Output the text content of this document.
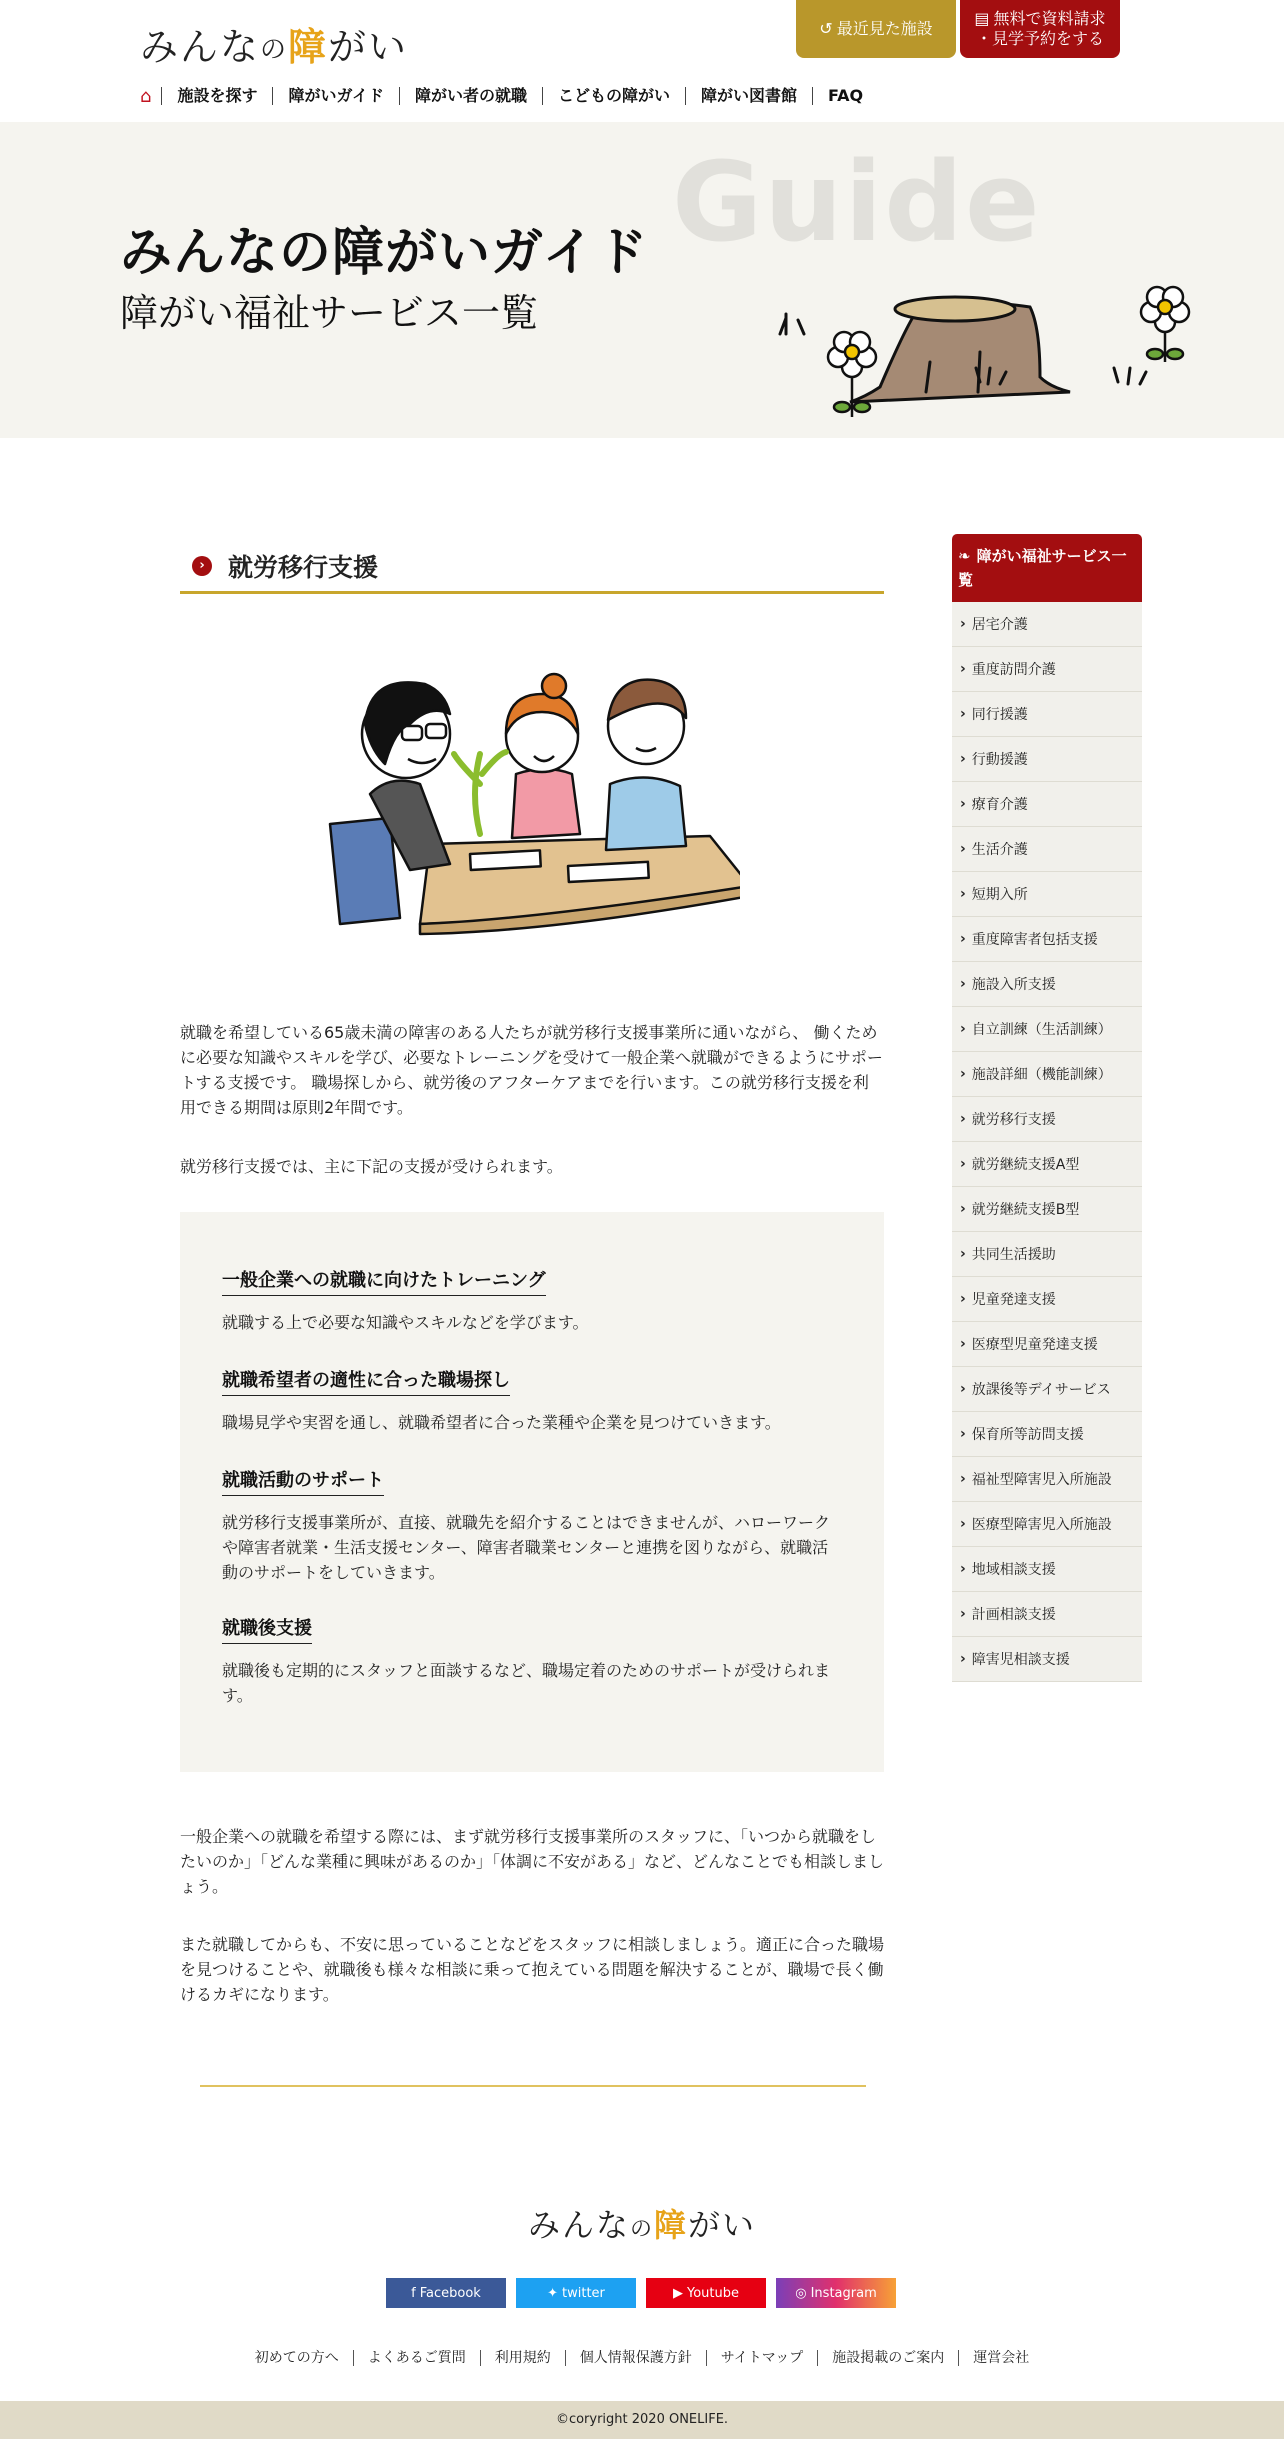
みんなの障がい	↺ 最近見た施設
▤ 無料で資料請求
・見学予約をする
⌂	施設を探す	障がいガイド	障がい者の就職	こどもの障がい	障がい図書館	FAQ
Guide
みんなの障がいガイド
障がい福祉サービス一覧
› 就労移行支援
就職を希望している65歳未満の障害のある人たちが就労移行支援事業所に通いながら、 働くために必要な知識やスキルを学び、必要なトレーニングを受けて一般企業へ就職ができるようにサポートする支援です。 職場探しから、就労後のアフターケアまでを行います。この就労移行支援を利用できる期間は原則2年間です。
就労移行支援では、主に下記の支援が受けられます。
一般企業への就職に向けたトレーニング
就職する上で必要な知識やスキルなどを学びます。
就職希望者の適性に合った職場探し
職場見学や実習を通し、就職希望者に合った業種や企業を見つけていきます。
就職活動のサポート
就労移行支援事業所が、直接、就職先を紹介することはできませんが、ハローワークや障害者就業・生活支援センター、障害者職業センターと連携を図りながら、就職活動のサポートをしていきます。
就職後支援
就職後も定期的にスタッフと面談するなど、職場定着のためのサポートが受けられます。
一般企業への就職を希望する際には、まず就労移行支援事業所のスタッフに、「いつから就職をしたいのか」「どんな業種に興味があるのか」「体調に不安がある」など、どんなことでも相談しましょう。
また就職してからも、不安に思っていることなどをスタッフに相談しましょう。適正に合った職場を見つけることや、就職後も様々な相談に乗って抱えている問題を解決することが、職場で長く働けるカギになります。
❧ 障がい福祉サービス一覧
› 居宅介護
› 重度訪問介護
› 同行援護
› 行動援護
› 療育介護
› 生活介護
› 短期入所
› 重度障害者包括支援
› 施設入所支援
› 自立訓練（生活訓練）
› 施設詳細（機能訓練）
› 就労移行支援
› 就労継続支援A型
› 就労継続支援B型
› 共同生活援助
› 児童発達支援
› 医療型児童発達支援
› 放課後等デイサービス
› 保育所等訪問支援
› 福祉型障害児入所施設
› 医療型障害児入所施設
› 地域相談支援
› 計画相談支援
› 障害児相談支援
みんなの障がい
f Facebook	✦ twitter	▶ Youtube	◎ Instagram
初めての方へ よくあるご質問 利用規約 個人情報保護方針 サイトマップ 施設掲載のご案内 運営会社
©coryright 2020 ONELIFE.
